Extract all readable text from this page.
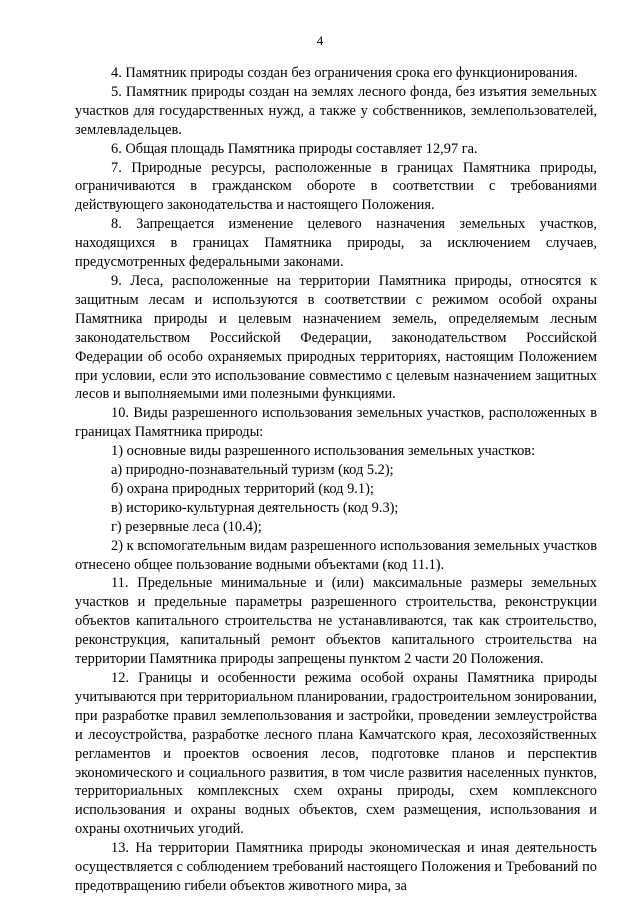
4

4. Памятник природы создан без ограничения срока его функционирования.

5. Памятник природы создан на землях лесного фонда, без изъятия земельных участков для государственных нужд, а также у собственников, землепользователей, землевладельцев.

6. Общая площадь Памятника природы составляет 12,97 га.

7. Природные ресурсы, расположенные в границах Памятника природы, ограничиваются в гражданском обороте в соответствии с требованиями действующего законодательства и настоящего Положения.

8. Запрещается изменение целевого назначения земельных участков, находящихся в границах Памятника природы, за исключением случаев, предусмотренных федеральными законами.

9. Леса, расположенные на территории Памятника природы, относятся к защитным лесам и используются в соответствии с режимом особой охраны Памятника природы и целевым назначением земель, определяемым лесным законодательством Российской Федерации, законодательством Российской Федерации об особо охраняемых природных территориях, настоящим Положением при условии, если это использование совместимо с целевым назначением защитных лесов и выполняемыми ими полезными функциями.

10. Виды разрешенного использования земельных участков, расположенных в границах Памятника природы:

1) основные виды разрешенного использования земельных участков:

а) природно-познавательный туризм (код 5.2);

б) охрана природных территорий (код 9.1);

в) историко-культурная деятельность (код 9.3);

г) резервные леса (10.4);

2) к вспомогательным видам разрешенного использования земельных участков отнесено общее пользование водными объектами (код 11.1).

11. Предельные минимальные и (или) максимальные размеры земельных участков и предельные параметры разрешенного строительства, реконструкции объектов капитального строительства не устанавливаются, так как строительство, реконструкция, капитальный ремонт объектов капитального строительства на территории Памятника природы запрещены пунктом 2 части 20 Положения.

12. Границы и особенности режима особой охраны Памятника природы учитываются при территориальном планировании, градостроительном зонировании, при разработке правил землепользования и застройки, проведении землеустройства и лесоустройства, разработке лесного плана Камчатского края, лесохозяйственных регламентов и проектов освоения лесов, подготовке планов и перспектив экономического и социального развития, в том числе развития населенных пунктов, территориальных комплексных схем охраны природы, схем комплексного использования и охраны водных объектов, схем размещения, использования и охраны охотничьих угодий.

13. На территории Памятника природы экономическая и иная деятельность осуществляется с соблюдением требований настоящего Положения и Требований по предотвращению гибели объектов животного мира, за
